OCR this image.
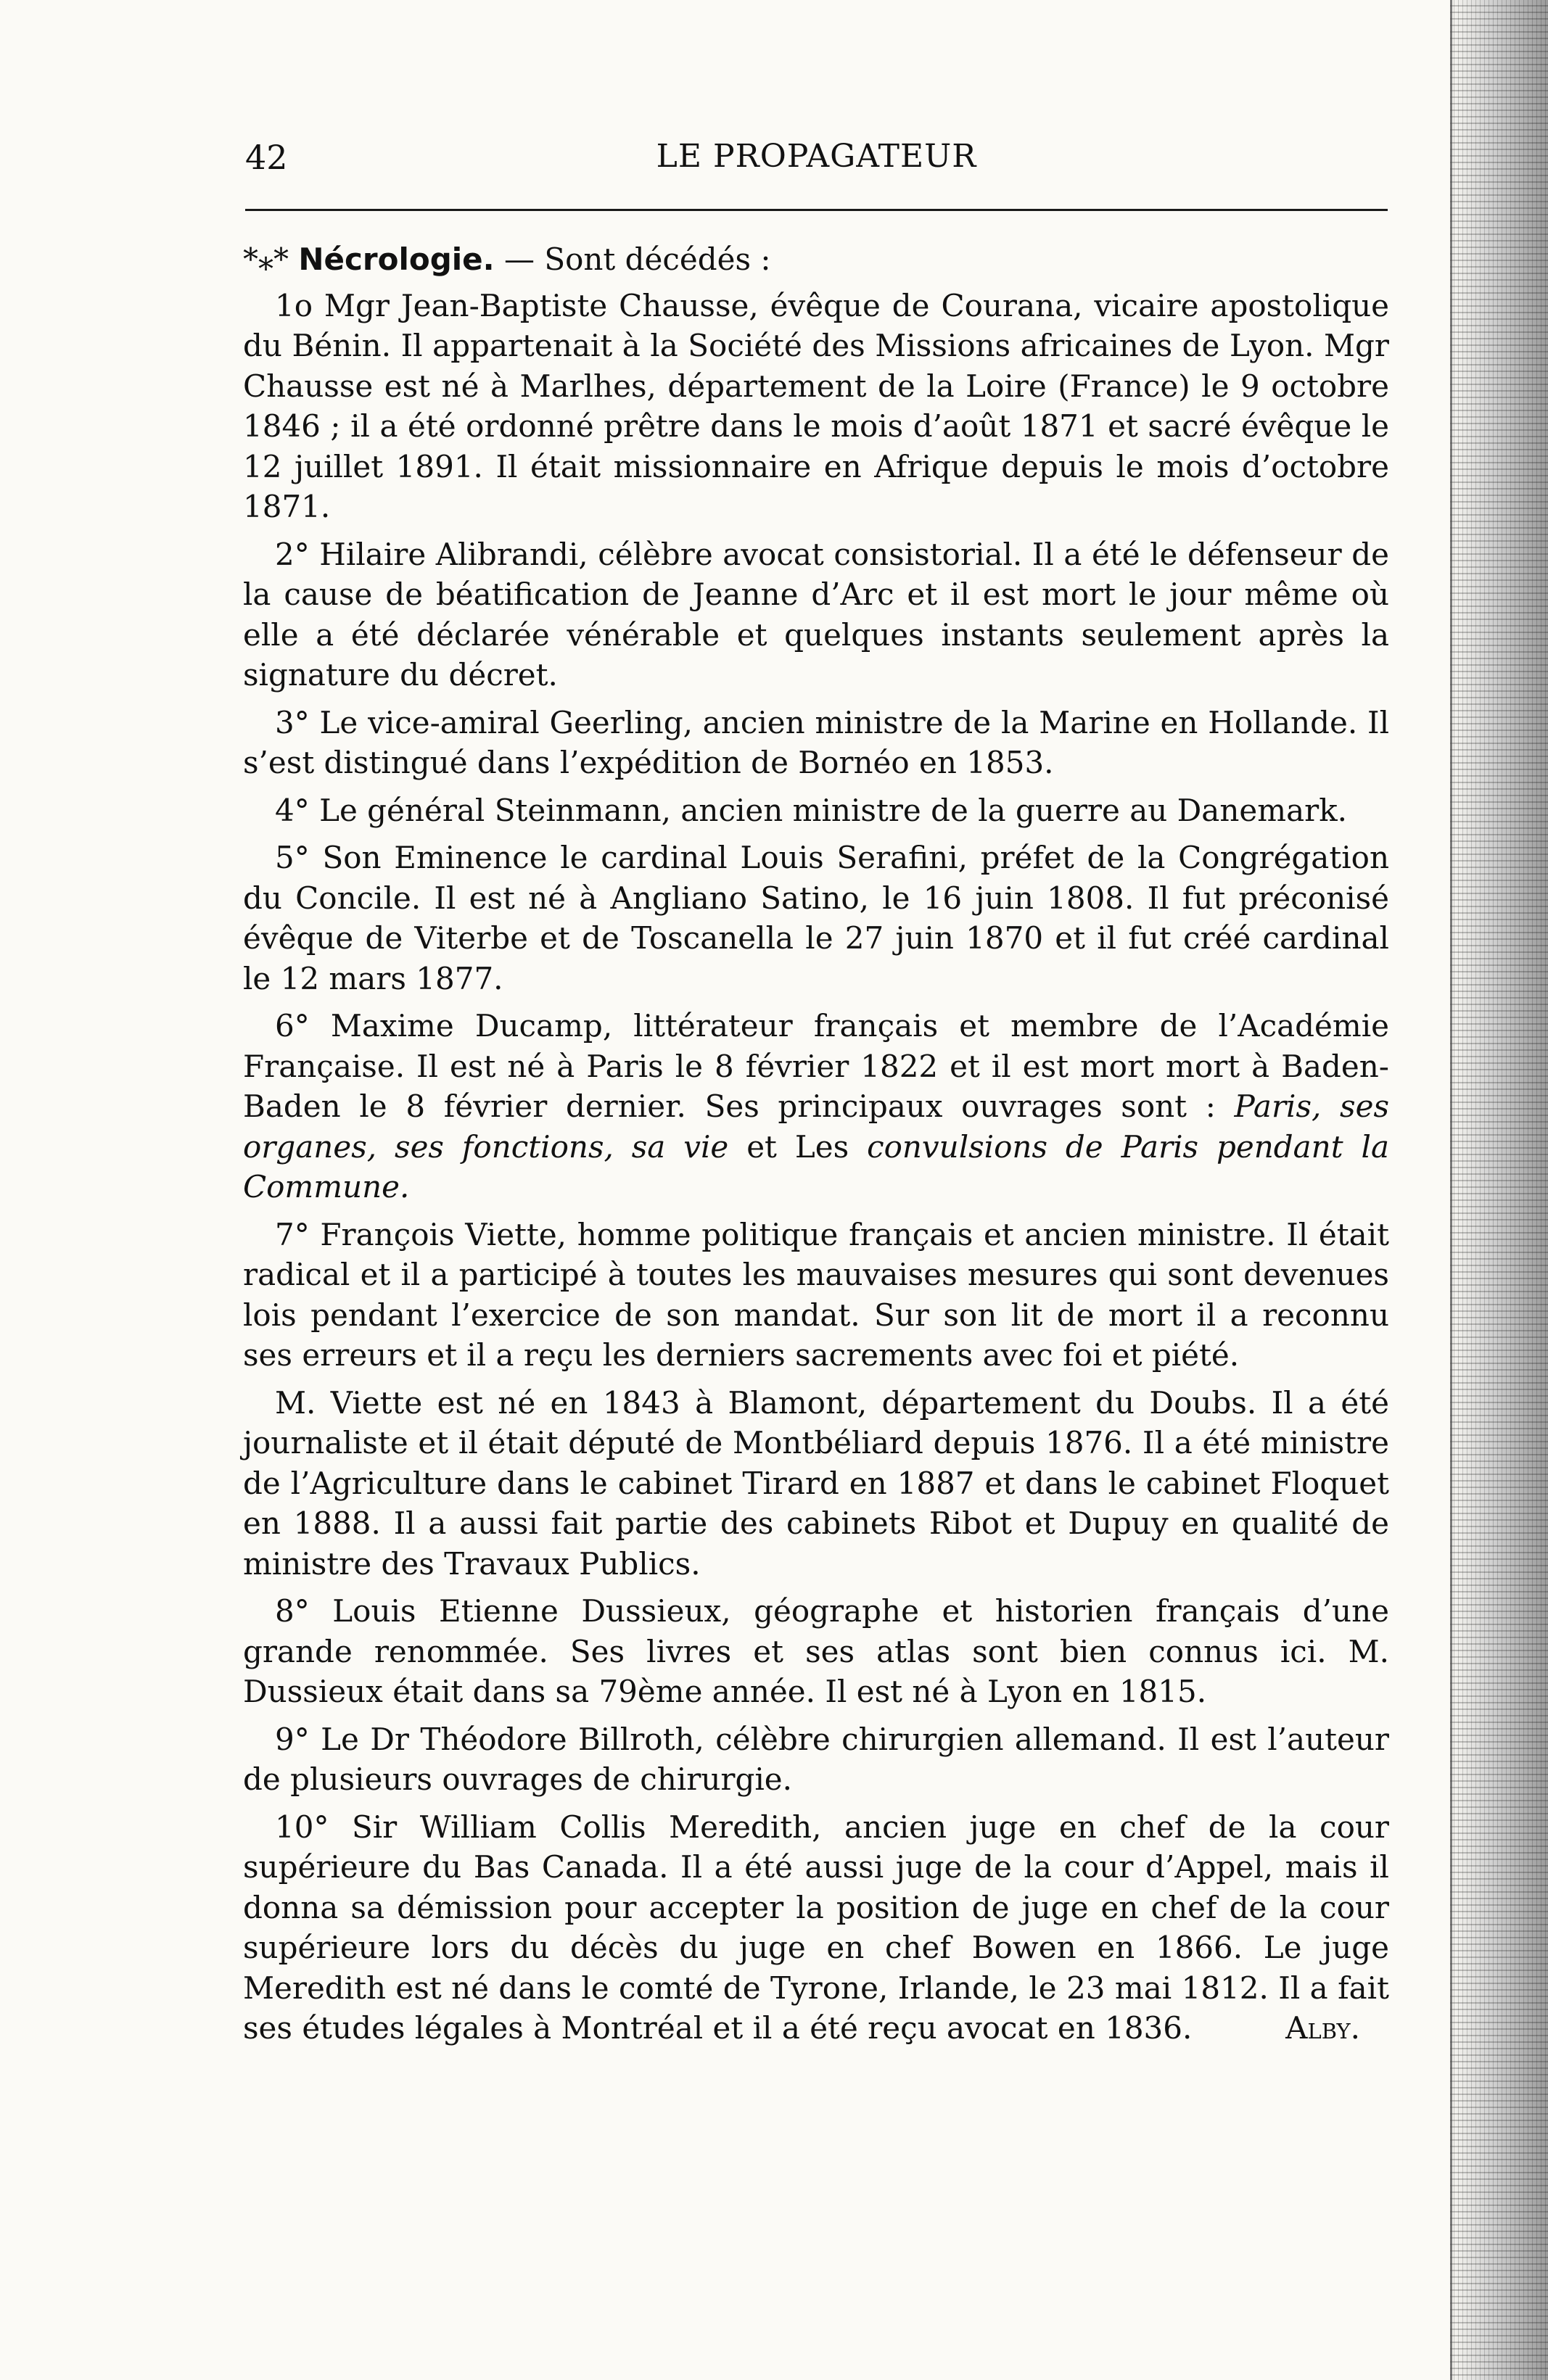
42	LE PROPAGATEUR

*⁎* Nécrologie. — Sont décédés :

1o Mgr Jean-Baptiste Chausse, évêque de Courana, vicaire apostolique du Bénin. Il appartenait à la Société des Missions africaines de Lyon. Mgr Chausse est né à Marlhes, département de la Loire (France) le 9 octobre 1846 ; il a été ordonné prêtre dans le mois d’août 1871 et sacré évêque le 12 juillet 1891. Il était missionnaire en Afrique depuis le mois d’octobre 1871.

2° Hilaire Alibrandi, célèbre avocat consistorial. Il a été le défenseur de la cause de béatification de Jeanne d’Arc et il est mort le jour même où elle a été déclarée vénérable et quelques instants seulement après la signature du décret.

3° Le vice-amiral Geerling, ancien ministre de la Marine en Hollande. Il s’est distingué dans l’expédition de Bornéo en 1853.

4° Le général Steinmann, ancien ministre de la guerre au Danemark.

5° Son Eminence le cardinal Louis Serafini, préfet de la Congrégation du Concile. Il est né à Angliano Satino, le 16 juin 1808. Il fut préconisé évêque de Viterbe et de Toscanella le 27 juin 1870 et il fut créé cardinal le 12 mars 1877.

6° Maxime Ducamp, littérateur français et membre de l’Académie Française. Il est né à Paris le 8 février 1822 et il est mort mort à Baden-Baden le 8 février dernier. Ses principaux ouvrages sont : Paris, ses organes, ses fonctions, sa vie et Les convulsions de Paris pendant la Commune.

7° François Viette, homme politique français et ancien ministre. Il était radical et il a participé à toutes les mauvaises mesures qui sont devenues lois pendant l’exercice de son mandat. Sur son lit de mort il a reconnu ses erreurs et il a reçu les derniers sacrements avec foi et piété.

M. Viette est né en 1843 à Blamont, département du Doubs. Il a été journaliste et il était député de Montbéliard depuis 1876. Il a été ministre de l’Agriculture dans le cabinet Tirard en 1887 et dans le cabinet Floquet en 1888. Il a aussi fait partie des cabinets Ribot et Dupuy en qualité de ministre des Travaux Publics.

8° Louis Etienne Dussieux, géographe et historien français d’une grande renommée. Ses livres et ses atlas sont bien connus ici. M. Dussieux était dans sa 79ème année. Il est né à Lyon en 1815.

9° Le Dr Théodore Billroth, célèbre chirurgien allemand. Il est l’auteur de plusieurs ouvrages de chirurgie.

10° Sir William Collis Meredith, ancien juge en chef de la cour supérieure du Bas Canada. Il a été aussi juge de la cour d’Appel, mais il donna sa démission pour accepter la position de juge en chef de la cour supérieure lors du décès du juge en chef Bowen en 1866. Le juge Meredith est né dans le comté de Tyrone, Irlande, le 23 mai 1812. Il a fait ses études légales à Montréal et il a été reçu avocat en 1836.	Alby.
